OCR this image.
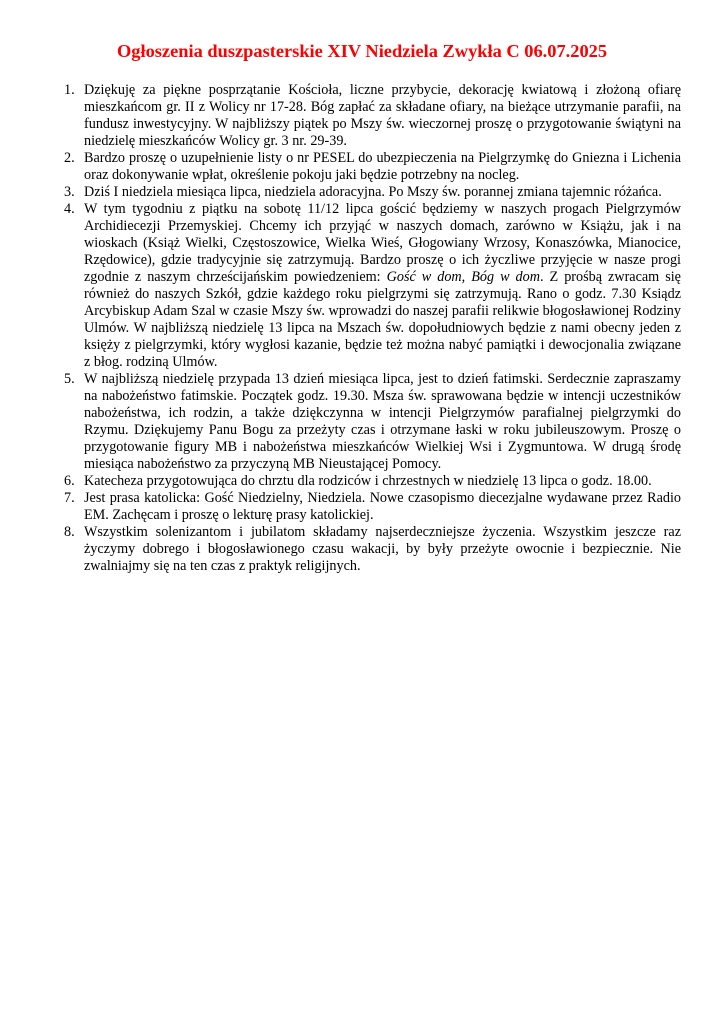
Ogłoszenia duszpasterskie XIV Niedziela Zwykła C 06.07.2025
1. Dziękuję za piękne posprzątanie Kościoła, liczne przybycie, dekorację kwiatową i złożoną ofiarę mieszkańcom gr. II z Wolicy nr 17-28. Bóg zapłać za składane ofiary, na bieżące utrzymanie parafii, na fundusz inwestycyjny. W najbliższy piątek po Mszy św. wieczornej proszę o przygotowanie świątyni na niedzielę mieszkańców Wolicy gr. 3 nr. 29-39.
2. Bardzo proszę o uzupełnienie listy o nr PESEL do ubezpieczenia na Pielgrzymkę do Gniezna i Lichenia oraz dokonywanie wpłat, określenie pokoju jaki będzie potrzebny na nocleg.
3. Dziś I niedziela miesiąca lipca, niedziela adoracyjna. Po Mszy św. porannej zmiana tajemnic różańca.
4. W tym tygodniu z piątku na sobotę 11/12 lipca gościć będziemy w naszych progach Pielgrzymów Archidiecezji Przemyskiej. Chcemy ich przyjąć w naszych domach, zarówno w Książu, jak i na wioskach (Książ Wielki, Częstoszowice, Wielka Wieś, Głogowiany Wrzosy, Konaszówka, Mianocice, Rzędowice), gdzie tradycyjnie się zatrzymują. Bardzo proszę o ich życzliwe przyjęcie w nasze progi zgodnie z naszym chrześcijańskim powiedzeniem: Gość w dom, Bóg w dom. Z prośbą zwracam się również do naszych Szkół, gdzie każdego roku pielgrzymi się zatrzymują. Rano o godz. 7.30 Ksiądz Arcybiskup Adam Szal w czasie Mszy św. wprowadzi do naszej parafii relikwie błogosławionej Rodziny Ulmów. W najbliższą niedzielę 13 lipca na Mszach św. dopołudniowych będzie z nami obecny jeden z księży z pielgrzymki, który wygłosi kazanie, będzie też można nabyć pamiątki i dewocjonalia związane z błog. rodziną Ulmów.
5. W najbliższą niedzielę przypada 13 dzień miesiąca lipca, jest to dzień fatimski. Serdecznie zapraszamy na nabożeństwo fatimskie. Początek godz. 19.30. Msza św. sprawowana będzie w intencji uczestników nabożeństwa, ich rodzin, a także dziękczynna w intencji Pielgrzymów parafialnej pielgrzymki do Rzymu. Dziękujemy Panu Bogu za przeżyty czas i otrzymane łaski w roku jubileuszowym. Proszę o przygotowanie figury MB i nabożeństwa mieszkańców Wielkiej Wsi i Zygmuntowa. W drugą środę miesiąca nabożeństwo za przyczyną MB Nieustającej Pomocy.
6. Katecheza przygotowująca do chrztu dla rodziców i chrzestnych w niedzielę 13 lipca o godz. 18.00.
7. Jest prasa katolicka: Gość Niedzielny, Niedziela. Nowe czasopismo diecezjalne wydawane przez Radio EM. Zachęcam i proszę o lekturę prasy katolickiej.
8. Wszystkim solenizantom i jubilatom składamy najserdeczniejsze życzenia. Wszystkim jeszcze raz życzymy dobrego i błogosławionego czasu wakacji, by były przeżyte owocnie i bezpiecznie. Nie zwalniajmy się na ten czas z praktyk religijnych.
